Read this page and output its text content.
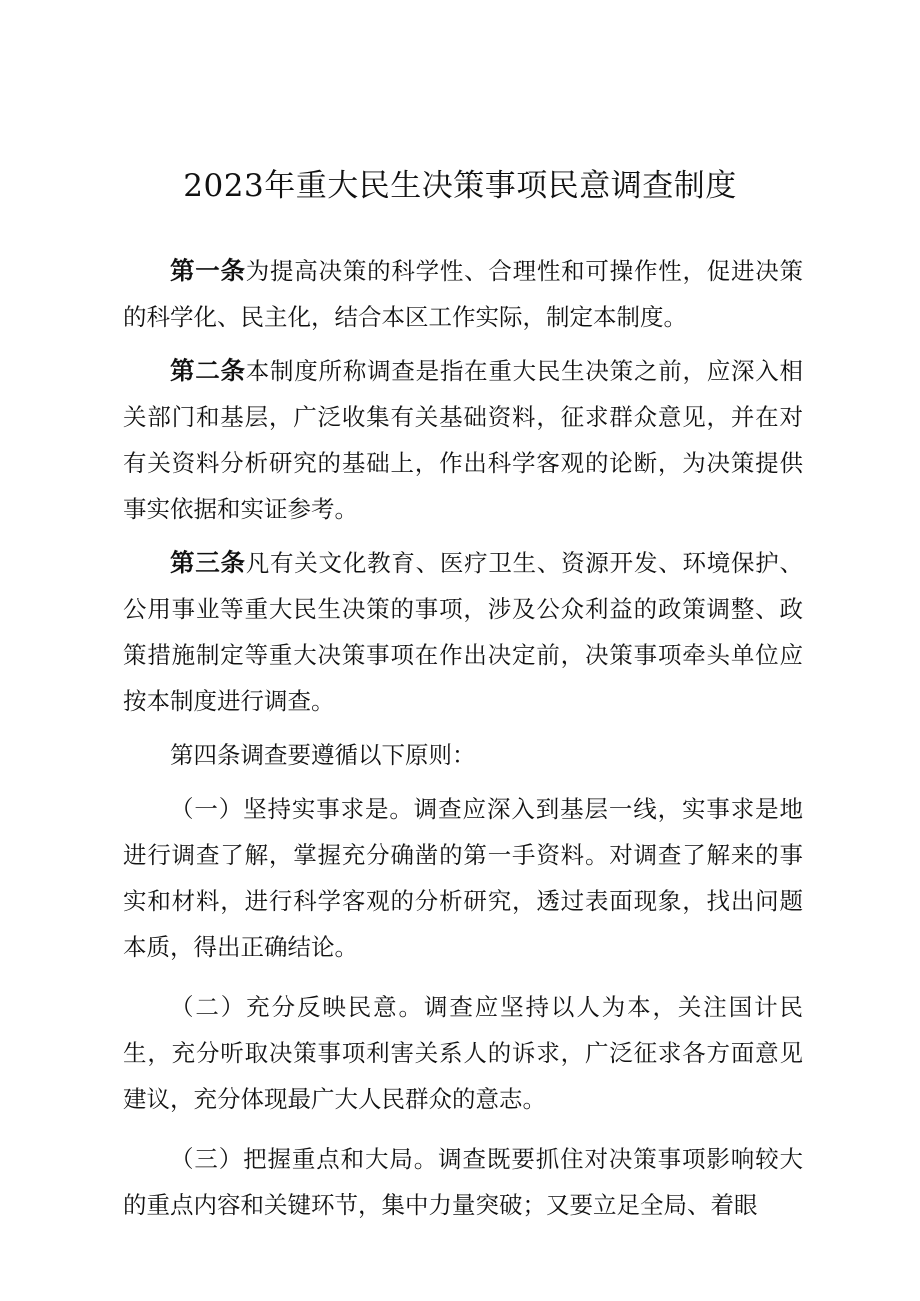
2023年重大民生决策事项民意调查制度

第一条为提高决策的科学性、合理性和可操作性，促进决策的科学化、民主化，结合本区工作实际，制定本制度。

第二条本制度所称调查是指在重大民生决策之前，应深入相关部门和基层，广泛收集有关基础资料，征求群众意见，并在对有关资料分析研究的基础上，作出科学客观的论断，为决策提供事实依据和实证参考。

第三条凡有关文化教育、医疗卫生、资源开发、环境保护、公用事业等重大民生决策的事项，涉及公众利益的政策调整、政策措施制定等重大决策事项在作出决定前，决策事项牵头单位应按本制度进行调查。

第四条调查要遵循以下原则：

（一）坚持实事求是。调查应深入到基层一线，实事求是地进行调查了解，掌握充分确凿的第一手资料。对调查了解来的事实和材料，进行科学客观的分析研究，透过表面现象，找出问题本质，得出正确结论。

（二）充分反映民意。调查应坚持以人为本，关注国计民生，充分听取决策事项利害关系人的诉求，广泛征求各方面意见建议，充分体现最广大人民群众的意志。

（三）把握重点和大局。调查既要抓住对决策事项影响较大的重点内容和关键环节，集中力量突破；又要立足全局、着眼
